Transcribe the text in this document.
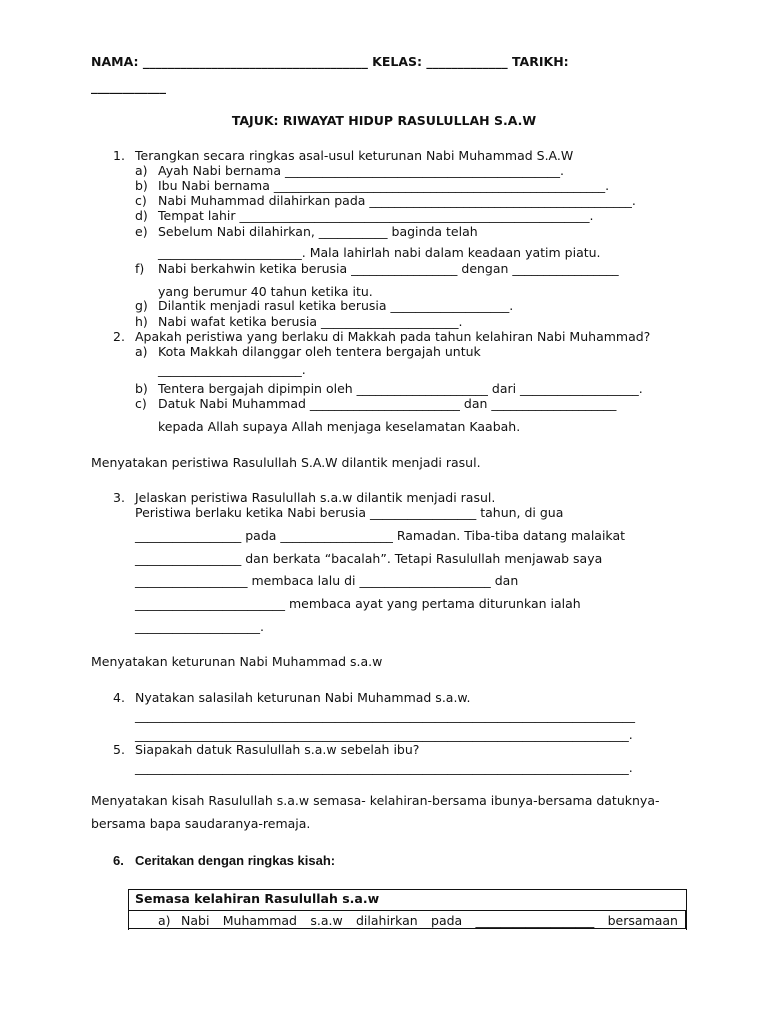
NAMA: ____________________________________ KELAS: _____________ TARIKH:
____________
TAJUK: RIWAYAT HIDUP RASULULLAH S.A.W
1. Terangkan secara ringkas asal-usul keturunan Nabi Muhammad S.A.W
a) Ayah Nabi bernama ____________________________________________.
b) Ibu Nabi bernama _____________________________________________________.
c) Nabi Muhammad dilahirkan pada __________________________________________.
d) Tempat lahir ________________________________________________________.
e) Sebelum Nabi dilahirkan, ___________ baginda telah
_______________________. Mala lahirlah nabi dalam keadaan yatim piatu.
f) Nabi berkahwin ketika berusia _________________ dengan _________________
yang berumur 40 tahun ketika itu.
g) Dilantik menjadi rasul ketika berusia ___________________.
h) Nabi wafat ketika berusia ______________________.
2. Apakah peristiwa yang berlaku di Makkah pada tahun kelahiran Nabi Muhammad?
a) Kota Makkah dilanggar oleh tentera bergajah untuk
_______________________.
b) Tentera bergajah dipimpin oleh _____________________ dari ___________________.
c) Datuk Nabi Muhammad ________________________ dan ____________________
kepada Allah supaya Allah menjaga keselamatan Kaabah.
Menyatakan peristiwa Rasulullah S.A.W dilantik menjadi rasul.
3. Jelaskan peristiwa Rasulullah s.a.w dilantik menjadi rasul.
Peristiwa berlaku ketika Nabi berusia _________________ tahun, di gua
_________________ pada __________________ Ramadan. Tiba-tiba datang malaikat
_________________ dan berkata “bacalah”. Tetapi Rasulullah menjawab saya
__________________ membaca lalu di _____________________ dan
________________________ membaca ayat yang pertama diturunkan ialah
____________________.
Menyatakan keturunan Nabi Muhammad s.a.w
4. Nyatakan salasilah keturunan Nabi Muhammad s.a.w.
________________________________________________________________________________
_______________________________________________________________________________.
5. Siapakah datuk Rasulullah s.a.w sebelah ibu?
_______________________________________________________________________________.
Menyatakan kisah Rasulullah s.a.w semasa- kelahiran-bersama ibunya-bersama datuknya-
bersama bapa saudaranya-remaja.
6. Ceritakan dengan ringkas kisah:
Semasa kelahiran Rasulullah s.a.w
a) Nabi Muhammad s.a.w dilahirkan pada ___________________ bersamaan
